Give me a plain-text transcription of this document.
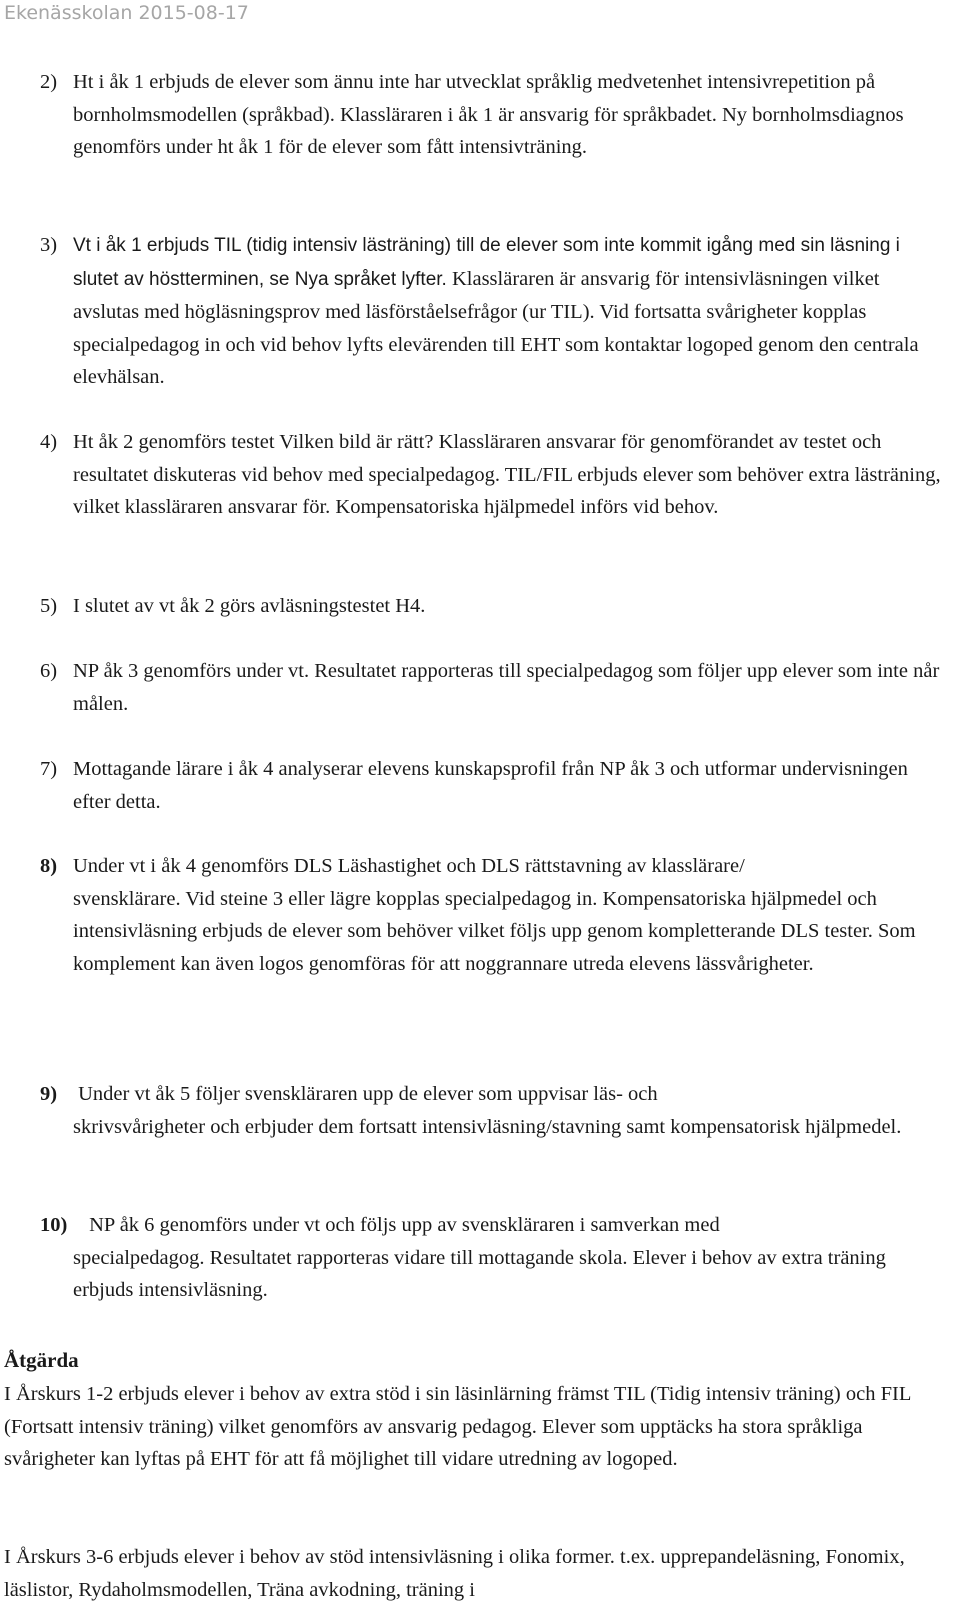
Ekenässkolan 2015-08-17
2) Ht i åk 1 erbjuds de elever som ännu inte har utvecklat språklig medvetenhet intensivrepetition på bornholmsmodellen (språkbad). Klassläraren i åk 1 är ansvarig för språkbadet. Ny bornholmsdiagnos genomförs under ht åk 1 för de elever som fått intensivträning.
3) Vt i åk 1 erbjuds TIL (tidig intensiv lästräning) till de elever som inte kommit igång med sin läsning i slutet av höstterminen, se Nya språket lyfter. Klassläraren är ansvarig för intensivläsningen vilket avslutas med högläsningsprov med läsförståelsefrågor (ur TIL). Vid fortsatta svårigheter kopplas specialpedagog in och vid behov lyfts elevärenden till EHT som kontaktar logoped genom den centrala elevhälsan.
4) Ht åk 2 genomförs testet Vilken bild är rätt? Klassläraren ansvarar för genomförandet av testet och resultatet diskuteras vid behov med specialpedagog. TIL/FIL erbjuds elever som behöver extra lästräning, vilket klassläraren ansvarar för. Kompensatoriska hjälpmedel införs vid behov.
5) I slutet av vt åk 2 görs avläsningstestet H4.
6) NP åk 3 genomförs under vt. Resultatet rapporteras till specialpedagog som följer upp elever som inte når målen.
7) Mottagande lärare i åk 4 analyserar elevens kunskapsprofil från NP åk 3 och utformar undervisningen efter detta.
8) Under vt i åk 4 genomförs DLS Läshastighet och DLS rättstavning av klasslärare/
svensklärare. Vid steine 3 eller lägre kopplas specialpedagog in. Kompensatoriska hjälpmedel och intensivläsning erbjuds de elever som behöver vilket följs upp genom kompletterande DLS tester. Som komplement kan även logos genomföras för att noggrannare utreda elevens lässvårigheter.
9) Under vt åk 5 följer svenskläraren upp de elever som uppvisar läs- och
skrivsvårigheter och erbjuder dem fortsatt intensivläsning/stavning samt kompensatorisk hjälpmedel.
10) NP åk 6 genomförs under vt och följs upp av svenskläraren i samverkan med
specialpedagog. Resultatet rapporteras vidare till mottagande skola. Elever i behov av extra träning erbjuds intensivläsning.
Åtgärda
I Årskurs 1-2 erbjuds elever i behov av extra stöd i sin läsinlärning främst TIL (Tidig intensiv träning) och FIL (Fortsatt intensiv träning) vilket genomförs av ansvarig pedagog. Elever som upptäcks ha stora språkliga svårigheter kan lyftas på EHT för att få möjlighet till vidare utredning av logoped.
I Årskurs 3-6 erbjuds elever i behov av stöd intensivläsning i olika former. t.ex. upprepandeläsning, Fonomix, läslistor, Rydaholmsmodellen, Träna avkodning, träning i
